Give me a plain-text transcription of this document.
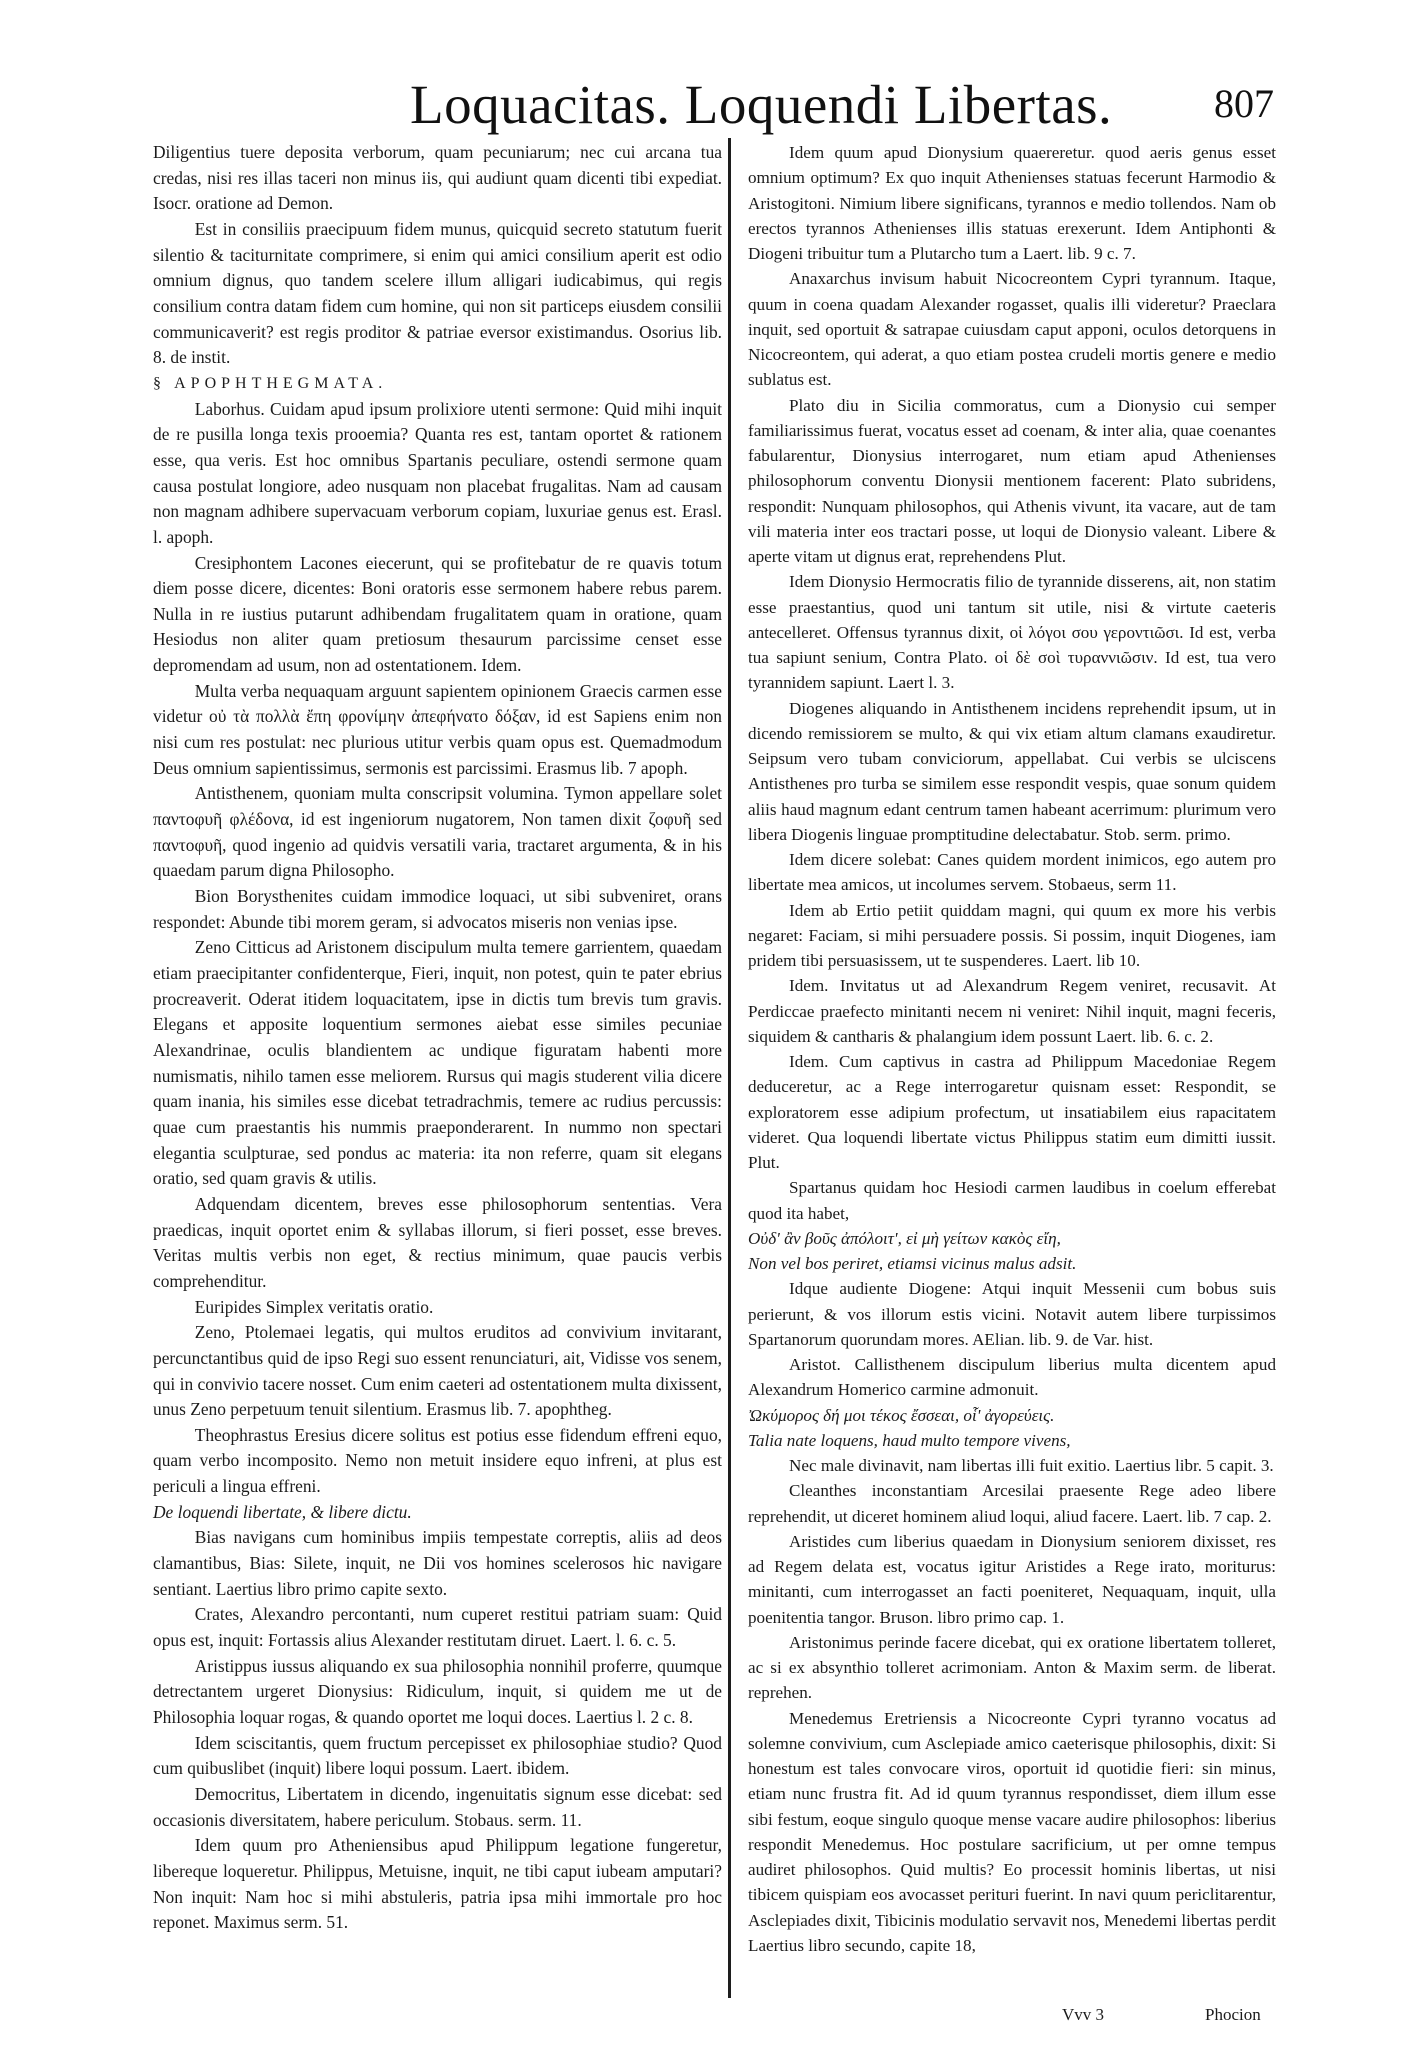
Loquacitas. Loquendi Libertas.	807

Diligentius tuere deposita verborum, quam pecuniarum; nec cui arcana tua credas, nisi res illas taceri non minus iis, qui audiunt quam dicenti tibi expediat. Isocr. oratione ad Demon.

Est in consiliis praecipuum fidem munus, quicquid secreto statutum fuerit silentio & taciturnitate comprimere, si enim qui amici consilium aperit est odio omnium dignus, quo tandem scelere illum alligari iudicabimus, qui regis consilium contra datam fidem cum homine, qui non sit particeps eiusdem consilii communicaverit? est regis proditor & patriae eversor existimandus. Osorius lib. 8. de instit.

§ APOPHTHEGMATA.

Laborhus. Cuidam apud ipsum prolixiore utenti sermone: Quid mihi inquit de re pusilla longa texis prooemia? Quanta res est, tantam oportet & rationem esse, qua veris. Est hoc omnibus Spartanis peculiare, ostendi sermone quam causa postulat longiore, adeo nusquam non placebat frugalitas. Nam ad causam non magnam adhibere supervacuam verborum copiam, luxuriae genus est. Erasl. l. apoph.

Cresiphontem Lacones eiecerunt, qui se profitebatur de re quavis totum diem posse dicere, dicentes: Boni oratoris esse sermonem habere rebus parem. Nulla in re iustius putarunt adhibendam frugalitatem quam in oratione, quam Hesiodus non aliter quam pretiosum thesaurum parcissime censet esse depromendam ad usum, non ad ostentationem. Idem.

Multa verba nequaquam arguunt sapientem opinionem Graecis carmen esse videtur οὐ τὰ πολλὰ ἔπη φρονίμην ἀπεφήνατο δόξαν, id est Sapiens enim non nisi cum res postulat: nec plurious utitur verbis quam opus est. Quemadmodum Deus omnium sapientissimus, sermonis est parcissimi. Erasmus lib. 7 apoph.

Antisthenem, quoniam multa conscripsit volumina. Tymon appellare solet παντοφυῆ φλέδονα, id est ingeniorum nugatorem, Non tamen dixit ζοφυῆ sed παντοφυῆ, quod ingenio ad quidvis versatili varia, tractaret argumenta, & in his quaedam parum digna Philosopho.

Bion Borysthenites cuidam immodice loquaci, ut sibi subveniret, orans respondet: Abunde tibi morem geram, si advocatos miseris non venias ipse.

Zeno Citticus ad Aristonem discipulum multa temere garrientem, quaedam etiam praecipitanter confidenterque, Fieri, inquit, non potest, quin te pater ebrius procreaverit. Oderat itidem loquacitatem, ipse in dictis tum brevis tum gravis. Elegans et apposite loquentium sermones aiebat esse similes pecuniae Alexandrinae, oculis blandientem ac undique figuratam habenti more numismatis, nihilo tamen esse meliorem. Rursus qui magis studerent vilia dicere quam inania, his similes esse dicebat tetradrachmis, temere ac rudius percussis: quae cum praestantis his nummis praeponderarent. In nummo non spectari elegantia sculpturae, sed pondus ac materia: ita non referre, quam sit elegans oratio, sed quam gravis & utilis.

Adquendam dicentem, breves esse philosophorum sententias. Vera praedicas, inquit oportet enim & syllabas illorum, si fieri posset, esse breves. Veritas multis verbis non eget, & rectius minimum, quae paucis verbis comprehenditur.

Euripides Simplex veritatis oratio.

Zeno, Ptolemaei legatis, qui multos eruditos ad convivium invitarant, percunctantibus quid de ipso Regi suo essent renunciaturi, ait, Vidisse vos senem, qui in convivio tacere nosset. Cum enim caeteri ad ostentationem multa dixissent, unus Zeno perpetuum tenuit silentium. Erasmus lib. 7. apophtheg.

Theophrastus Eresius dicere solitus est potius esse fidendum effreni equo, quam verbo incomposito. Nemo non metuit insidere equo infreni, at plus est periculi a lingua effreni.

De loquendi libertate, & libere dictu.

Bias navigans cum hominibus impiis tempestate correptis, aliis ad deos clamantibus, Bias: Silete, inquit, ne Dii vos homines scelerosos hic navigare sentiant. Laertius libro primo capite sexto.

Crates, Alexandro percontanti, num cuperet restitui patriam suam: Quid opus est, inquit: Fortassis alius Alexander restitutam diruet. Laert. l. 6. c. 5.

Aristippus iussus aliquando ex sua philosophia nonnihil proferre, quumque detrectantem urgeret Dionysius: Ridiculum, inquit, si quidem me ut de Philosophia loquar rogas, & quando oportet me loqui doces. Laertius l. 2 c. 8.

Idem sciscitantis, quem fructum percepisset ex philosophiae studio? Quod cum quibuslibet (inquit) libere loqui possum. Laert. ibidem.

Democritus, Libertatem in dicendo, ingenuitatis signum esse dicebat: sed occasionis diversitatem, habere periculum. Stobaus. serm. 11.

Idem quum pro Atheniensibus apud Philippum legatione fungeretur, libereque loqueretur. Philippus, Metuisne, inquit, ne tibi caput iubeam amputari? Non inquit: Nam hoc si mihi abstuleris, patria ipsa mihi immortale pro hoc reponet. Maximus serm. 51.

Idem quum apud Dionysium quaereretur. quod aeris genus esset omnium optimum? Ex quo inquit Athenienses statuas fecerunt Harmodio & Aristogitoni. Nimium libere significans, tyrannos e medio tollendos. Nam ob erectos tyrannos Athenienses illis statuas erexerunt. Idem Antiphonti & Diogeni tribuitur tum a Plutarcho tum a Laert. lib. 9 c. 7.

Anaxarchus invisum habuit Nicocreontem Cypri tyrannum. Itaque, quum in coena quadam Alexander rogasset, qualis illi videretur? Praeclara inquit, sed oportuit & satrapae cuiusdam caput apponi, oculos detorquens in Nicocreontem, qui aderat, a quo etiam postea crudeli mortis genere e medio sublatus est.

Plato diu in Sicilia commoratus, cum a Dionysio cui semper familiarissimus fuerat, vocatus esset ad coenam, & inter alia, quae coenantes fabularentur, Dionysius interrogaret, num etiam apud Athenienses philosophorum conventu Dionysii mentionem facerent: Plato subridens, respondit: Nunquam philosophos, qui Athenis vivunt, ita vacare, aut de tam vili materia inter eos tractari posse, ut loqui de Dionysio valeant. Libere & aperte vitam ut dignus erat, reprehendens Plut.

Idem Dionysio Hermocratis filio de tyrannide disserens, ait, non statim esse praestantius, quod uni tantum sit utile, nisi & virtute caeteris antecelleret. Offensus tyrannus dixit, οἱ λόγοι σου γεροντιῶσι. Id est, verba tua sapiunt senium, Contra Plato. οἱ δὲ σοὶ τυραννιῶσιν. Id est, tua vero tyrannidem sapiunt. Laert l. 3.

Diogenes aliquando in Antisthenem incidens reprehendit ipsum, ut in dicendo remissiorem se multo, & qui vix etiam altum clamans exaudiretur. Seipsum vero tubam conviciorum, appellabat. Cui verbis se ulciscens Antisthenes pro turba se similem esse respondit vespis, quae sonum quidem aliis haud magnum edant centrum tamen habeant acerrimum: plurimum vero libera Diogenis linguae promptitudine delectabatur. Stob. serm. primo.

Idem dicere solebat: Canes quidem mordent inimicos, ego autem pro libertate mea amicos, ut incolumes servem. Stobaeus, serm 11.

Idem ab Ertio petiit quiddam magni, qui quum ex more his verbis negaret: Faciam, si mihi persuadere possis. Si possim, inquit Diogenes, iam pridem tibi persuasissem, ut te suspenderes. Laert. lib 10.

Idem. Invitatus ut ad Alexandrum Regem veniret, recusavit. At Perdiccae praefecto minitanti necem ni veniret: Nihil inquit, magni feceris, siquidem & cantharis & phalangium idem possunt Laert. lib. 6. c. 2.

Idem. Cum captivus in castra ad Philippum Macedoniae Regem deduceretur, ac a Rege interrogaretur quisnam esset: Respondit, se exploratorem esse adipium profectum, ut insatiabilem eius rapacitatem videret. Qua loquendi libertate victus Philippus statim eum dimitti iussit. Plut.

Spartanus quidam hoc Hesiodi carmen laudibus in coelum efferebat quod ita habet,

Οὐδ' ἂν βοῦς ἀπόλοιτ', εἰ μὴ γείτων κακὸς εἴη,

Non vel bos periret, etiamsi vicinus malus adsit.

Idque audiente Diogene: Atqui inquit Messenii cum bobus suis perierunt, & vos illorum estis vicini. Notavit autem libere turpissimos Spartanorum quorundam mores. AElian. lib. 9. de Var. hist.

Aristot. Callisthenem discipulum liberius multa dicentem apud Alexandrum Homerico carmine admonuit.

Ὠκύμορος δή μοι τέκος ἔσσεαι, οἷ' ἀγορεύεις.

Talia nate loquens, haud multo tempore vivens,

Nec male divinavit, nam libertas illi fuit exitio. Laertius libr. 5 capit. 3.

Cleanthes inconstantiam Arcesilai praesente Rege adeo libere reprehendit, ut diceret hominem aliud loqui, aliud facere. Laert. lib. 7 cap. 2.

Aristides cum liberius quaedam in Dionysium seniorem dixisset, res ad Regem delata est, vocatus igitur Aristides a Rege irato, moriturus: minitanti, cum interrogasset an facti poeniteret, Nequaquam, inquit, ulla poenitentia tangor. Bruson. libro primo cap. 1.

Aristonimus perinde facere dicebat, qui ex oratione libertatem tolleret, ac si ex absynthio tolleret acrimoniam. Anton & Maxim serm. de liberat. reprehen.

Menedemus Eretriensis a Nicocreonte Cypri tyranno vocatus ad solemne convivium, cum Asclepiade amico caeterisque philosophis, dixit: Si honestum est tales convocare viros, oportuit id quotidie fieri: sin minus, etiam nunc frustra fit. Ad id quum tyrannus respondisset, diem illum esse sibi festum, eoque singulo quoque mense vacare audire philosophos: liberius respondit Menedemus. Hoc postulare sacrificium, ut per omne tempus audiret philosophos. Quid multis? Eo processit hominis libertas, ut nisi tibicem quispiam eos avocasset perituri fuerint. In navi quum periclitarentur, Asclepiades dixit, Tibicinis modulatio servavit nos, Menedemi libertas perdit Laertius libro secundo, capite 18,

Vvv 3	Phocion
